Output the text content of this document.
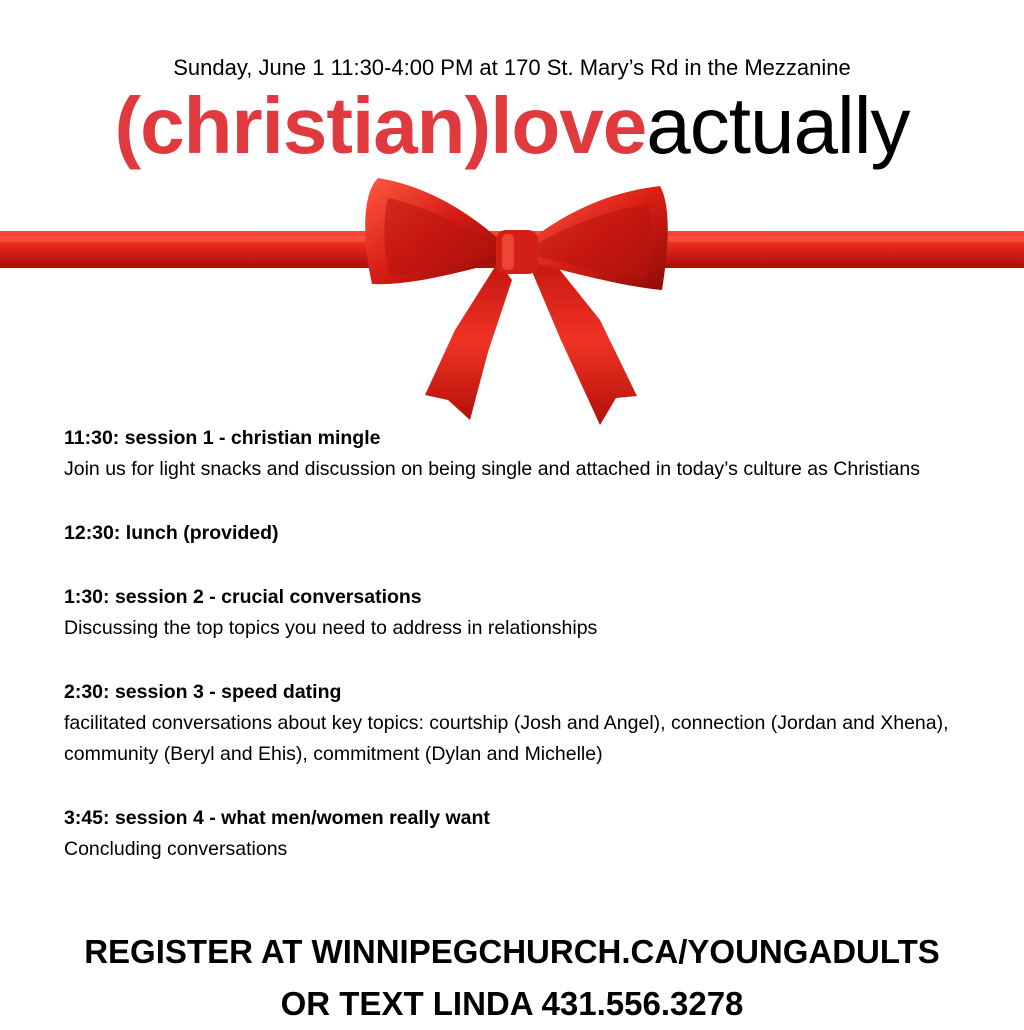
Sunday, June 1 11:30-4:00 PM at 170 St. Mary’s Rd in the Mezzanine
(christian)loveactually
11:30: session 1 - christian mingle
Join us for light snacks and discussion on being single and attached in today’s culture as Christians
12:30: lunch (provided)
1:30: session 2 - crucial conversations
Discussing the top topics you need to address in relationships
2:30: session 3 - speed dating
facilitated conversations about key topics: courtship (Josh and Angel), connection (Jordan and Xhena), community (Beryl and Ehis), commitment (Dylan and Michelle)
3:45: session 4 - what men/women really want
Concluding conversations
REGISTER AT WINNIPEGCHURCH.CA/YOUNGADULTS
OR TEXT LINDA 431.556.3278
